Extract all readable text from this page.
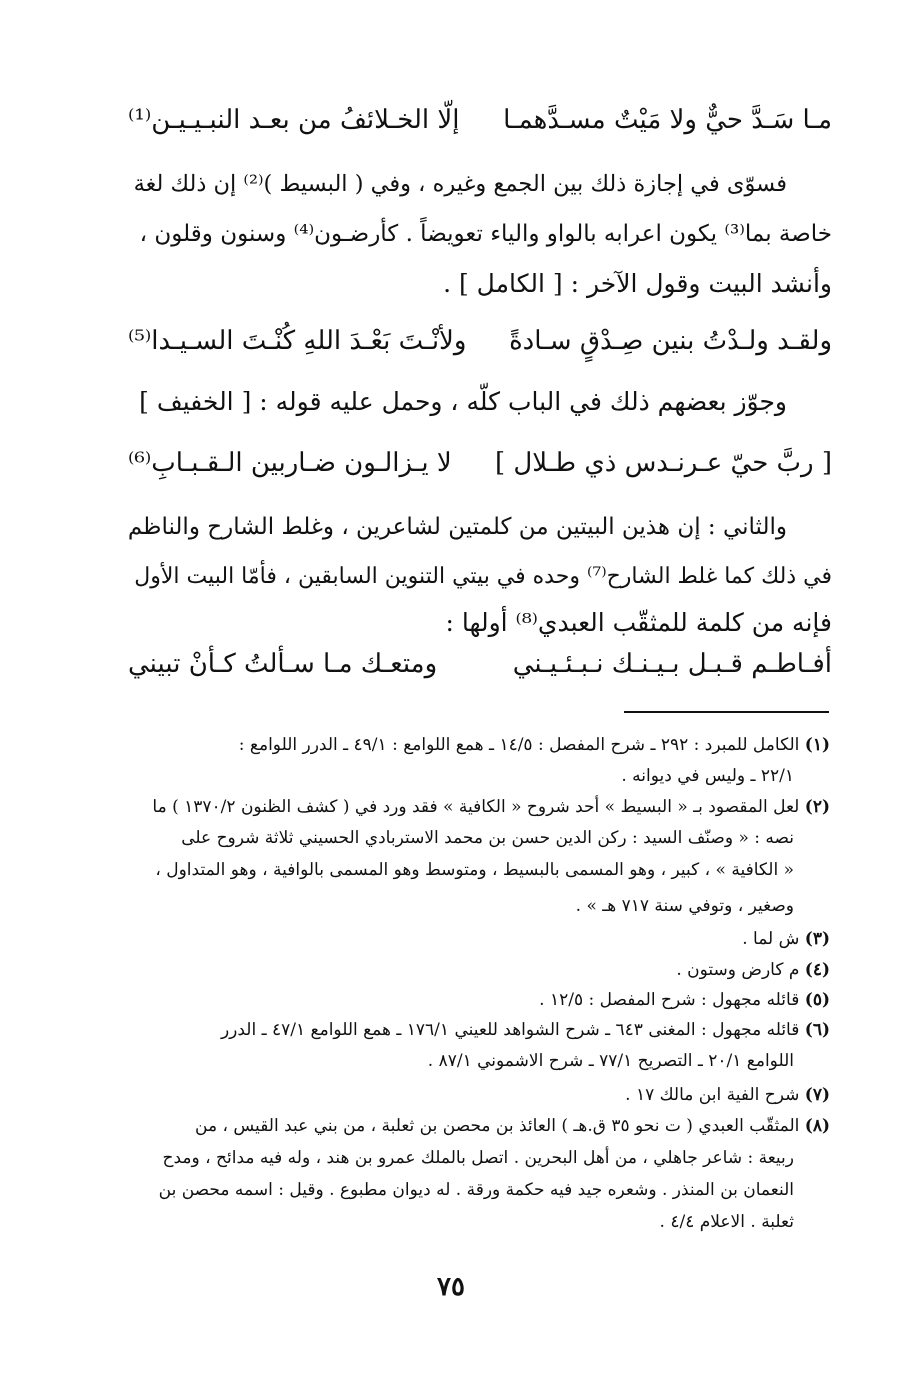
مـا سَـدَّ حيٌّ ولا مَيْتٌ مسـدَّهمـا
إلّا الخـلائفُ من بعـد النبـيـيـن⁽¹⁾
فسوّى في إجازة ذلك بين الجمع وغيره ، وفي ( البسيط )⁽²⁾ إن ذلك لغة
خاصة بما⁽³⁾ يكون اعرابه بالواو والياء تعويضاً . كأرضـون⁽⁴⁾ وسنون وقلون ،
وأنشد البيت وقول الآخر : [ الكامل ] .
ولقـد ولـدْتُ بنين صِـدْقٍ سـادةً
ولأنْـتَ بَعْـدَ اللهِ كُنْـتَ السـيـدا⁽⁵⁾
وجوّز بعضهم ذلك في الباب كلّه ، وحمل عليه قوله : [ الخفيف ]
[ ربَّ حيّ عـرنـدس ذي طـلال ]
لا يـزالـون ضـاربين الـقـبـابِ⁽⁶⁾
والثاني : إن هذين البيتين من كلمتين لشاعرين ، وغلط الشارح والناظم
في ذلك كما غلط الشارح⁽⁷⁾ وحده في بيتي التنوين السابقين ، فأمّا البيت الأول
فإنه من كلمة للمثقّب العبدي⁽⁸⁾ أولها :
أفـاطـم قـبـل بـيـنـك نـبـئـيـني
ومتعـك مـا سـألتُ كـأنْ تبيني
(١) الكامل للمبرد : ٢٩٢ ـ شرح المفصل : ١٤/٥ ـ همع اللوامع : ٤٩/١ ـ الدرر اللوامع :
٢٢/١ ـ وليس في ديوانه .
(٢) لعل المقصود بـ « البسيط » أحد شروح « الكافية » فقد ورد في ( كشف الظنون ١٣٧٠/٢ ) ما
نصه : « وصنّف السيد : ركن الدين حسن بن محمد الاستربادي الحسيني ثلاثة شروح على
« الكافية » ، كبير ، وهو المسمى بالبسيط ، ومتوسط وهو المسمى بالوافية ، وهو المتداول ،
وصغير ، وتوفي سنة ٧١٧ هـ » .
(٣) ش لما .
(٤) م كارض وستون .
(٥) قائله مجهول : شرح المفصل : ١٢/٥ .
(٦) قائله مجهول : المغنى ٦٤٣ ـ شرح الشواهد للعيني ١٧٦/١ ـ همع اللوامع ٤٧/١ ـ الدرر
اللوامع ٢٠/١ ـ التصريح ٧٧/١ ـ شرح الاشموني ٨٧/١ .
(٧) شرح الفية ابن مالك ١٧ .
(٨) المثقّب العبدي ( ت نحو ٣٥ ق.هـ ) العائذ بن محصن بن ثعلبة ، من بني عبد القيس ، من
ربيعة : شاعر جاهلي ، من أهل البحرين . اتصل بالملك عمرو بن هند ، وله فيه مدائح ، ومدح
النعمان بن المنذر . وشعره جيد فيه حكمة ورقة . له ديوان مطبوع . وقيل : اسمه محصن بن
ثعلبة . الاعلام ٤/٤ .
٧٥
